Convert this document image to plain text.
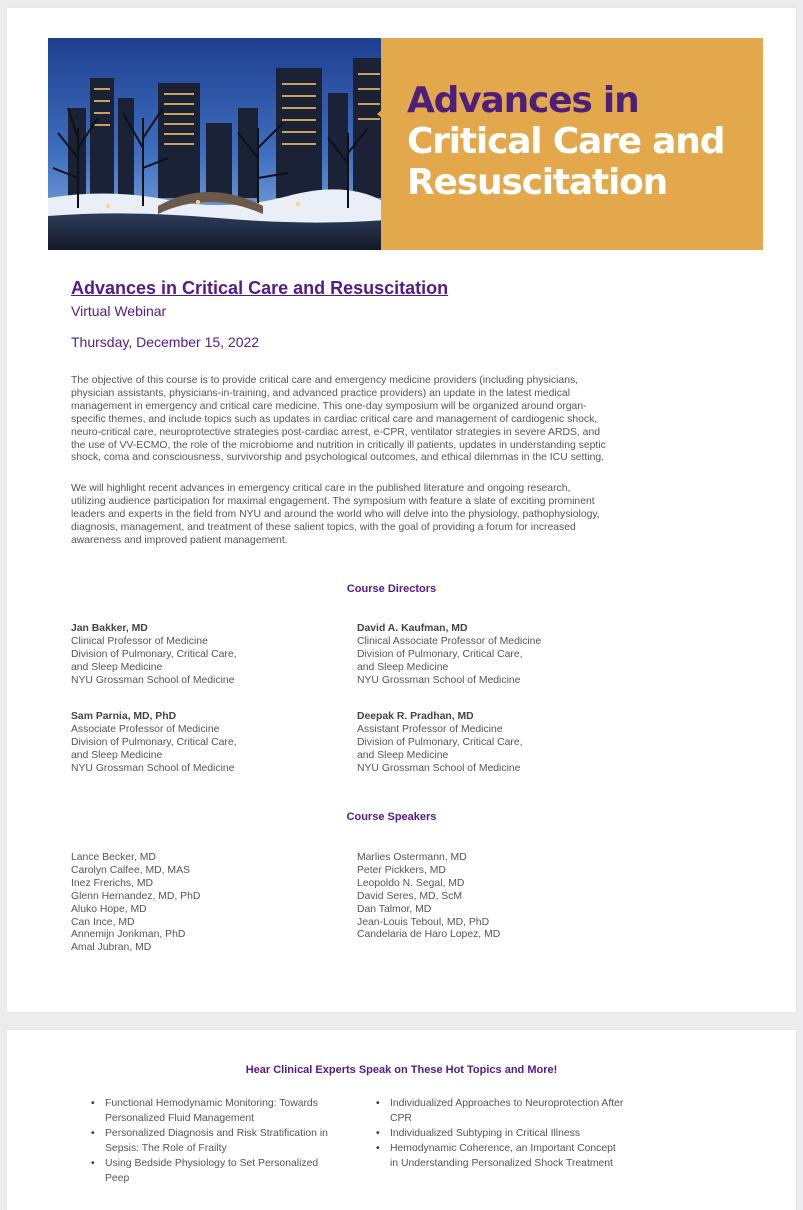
Advances in
Critical Care and
Resuscitation
Advances in Critical Care and Resuscitation
Virtual Webinar
Thursday, December 15, 2022
The objective of this course is to provide critical care and emergency medicine providers (including physicians, physician assistants, physicians-in-training, and advanced practice providers) an update in the latest medical management in emergency and critical care medicine. This one-day symposium will be organized around organ-specific themes, and include topics such as updates in cardiac critical care and management of cardiogenic shock, neuro-critical care, neuroprotective strategies post-cardiac arrest, e-CPR, ventilator strategies in severe ARDS, and the use of VV-ECMO, the role of the microbiome and nutrition in critically ill patients, updates in understanding septic shock, coma and consciousness, survivorship and psychological outcomes, and ethical dilemmas in the ICU setting.
We will highlight recent advances in emergency critical care in the published literature and ongoing research, utilizing audience participation for maximal engagement. The symposium with feature a slate of exciting prominent leaders and experts in the field from NYU and around the world who will delve into the physiology, pathophysiology, diagnosis, management, and treatment of these salient topics, with the goal of providing a forum for increased awareness and improved patient management.
Course Directors
Jan Bakker, MD
Clinical Professor of Medicine
Division of Pulmonary, Critical Care,
and Sleep Medicine
NYU Grossman School of Medicine
David A. Kaufman, MD
Clinical Associate Professor of Medicine
Division of Pulmonary, Critical Care,
and Sleep Medicine
NYU Grossman School of Medicine
Sam Parnia, MD, PhD
Associate Professor of Medicine
Division of Pulmonary, Critical Care,
and Sleep Medicine
NYU Grossman School of Medicine
Deepak R. Pradhan, MD
Assistant Professor of Medicine
Division of Pulmonary, Critical Care,
and Sleep Medicine
NYU Grossman School of Medicine
Course Speakers
Lance Becker, MD
Carolyn Calfee, MD, MAS
Inez Frerichs, MD
Glenn Hernandez, MD, PhD
Aluko Hope, MD
Can Ince, MD
Annemijn Jonkman, PhD
Amal Jubran, MD
Marlies Ostermann, MD
Peter Pickkers, MD
Leopoldo N. Segal, MD
David Seres, MD, ScM
Dan Talmor, MD
Jean-Louis Teboul, MD, PhD
Candelaria de Haro Lopez, MD
Hear Clinical Experts Speak on These Hot Topics and More!
• Functional Hemodynamic Monitoring: Towards Personalized Fluid Management
• Personalized Diagnosis and Risk Stratification in Sepsis: The Role of Frailty
• Using Bedside Physiology to Set Personalized Peep
• Individualized Approaches to Neuroprotection After CPR
• Individualized Subtyping in Critical Illness
• Hemodynamic Coherence, an Important Concept in Understanding Personalized Shock Treatment
